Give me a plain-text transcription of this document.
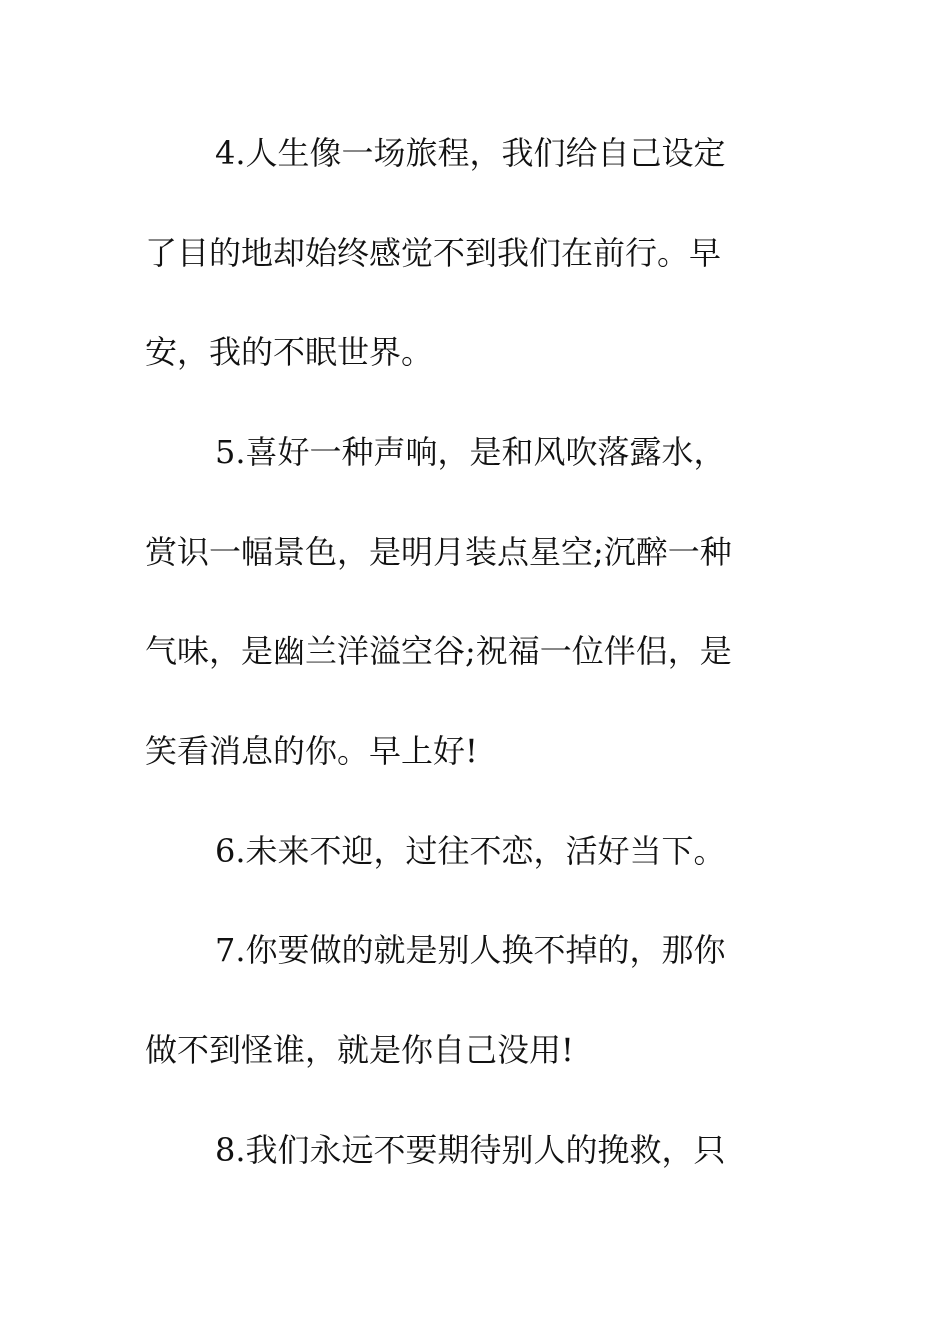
4.人生像一场旅程，我们给自己设定
了目的地却始终感觉不到我们在前行。早
安，我的不眠世界。
5.喜好一种声响，是和风吹落露水，
赏识一幅景色，是明月装点星空;沉醉一种
气味，是幽兰洋溢空谷;祝福一位伴侣，是
笑看消息的你。早上好!
6.未来不迎，过往不恋，活好当下。
7.你要做的就是别人换不掉的，那你
做不到怪谁，就是你自己没用!
8.我们永远不要期待别人的挽救，只
